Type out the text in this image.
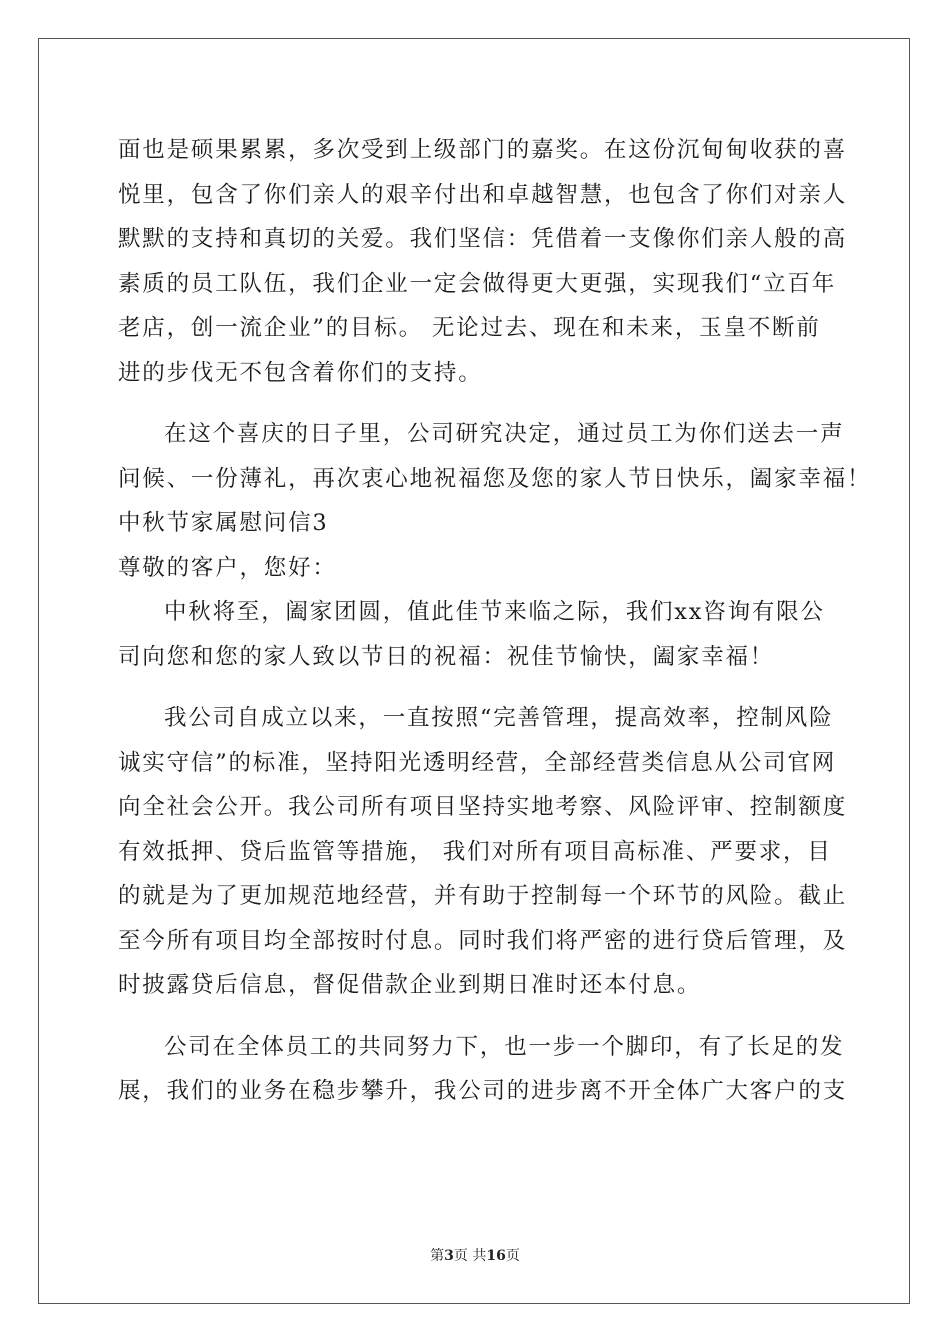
面也是硕果累累，多次受到上级部门的嘉奖。在这份沉甸甸收获的喜
悦里，包含了你们亲人的艰辛付出和卓越智慧，也包含了你们对亲人
默默的支持和真切的关爱。我们坚信：凭借着一支像你们亲人般的高
素质的员工队伍，我们企业一定会做得更大更强，实现我们“立百年
老店，创一流企业”的目标。 无论过去、现在和未来，玉皇不断前
进的步伐无不包含着你们的支持。
在这个喜庆的日子里，公司研究决定，通过员工为你们送去一声
问候、一份薄礼，再次衷心地祝福您及您的家人节日快乐，阖家幸福！
中秋节家属慰问信3
尊敬的客户，您好：
中秋将至，阖家团圆，值此佳节来临之际，我们xx咨询有限公
司向您和您的家人致以节日的祝福：祝佳节愉快，阖家幸福！
我公司自成立以来，一直按照“完善管理，提高效率，控制风险
诚实守信”的标准，坚持阳光透明经营，全部经营类信息从公司官网
向全社会公开。我公司所有项目坚持实地考察、风险评审、控制额度
有效抵押、贷后监管等措施， 我们对所有项目高标准、严要求，目
的就是为了更加规范地经营，并有助于控制每一个环节的风险。截止
至今所有项目均全部按时付息。同时我们将严密的进行贷后管理，及
时披露贷后信息，督促借款企业到期日准时还本付息。
公司在全体员工的共同努力下，也一步一个脚印，有了长足的发
展，我们的业务在稳步攀升，我公司的进步离不开全体广大客户的支
第3页 共16页
